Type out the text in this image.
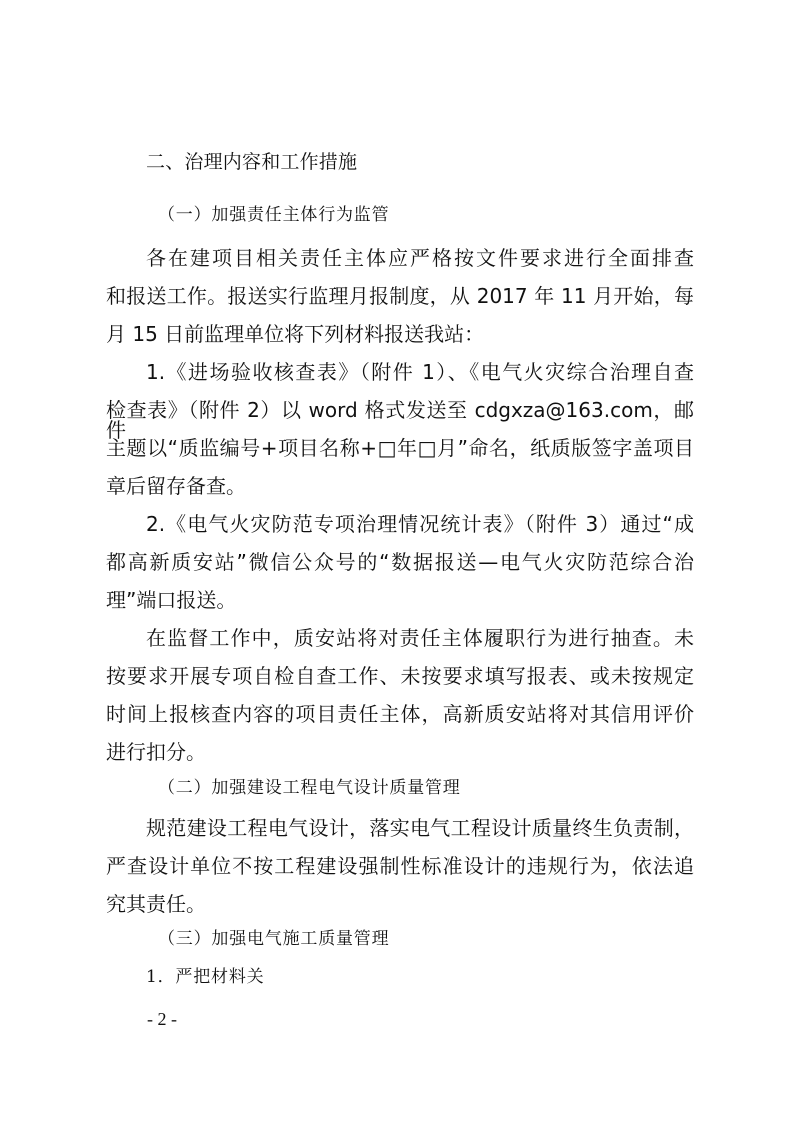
二、治理内容和工作措施
（一）加强责任主体行为监管
各在建项目相关责任主体应严格按文件要求进行全面排查
和报送工作。报送实行监理月报制度，从 2017 年 11 月开始，每
月 15 日前监理单位将下列材料报送我站：
1.《进场验收核查表》（附件 1）、《电气火灾综合治理自查
检查表》（附件 2）以 word 格式发送至 cdgxza@163.com，邮件
主题以“质监编号+项目名称+□年□月”命名，纸质版签字盖项目
章后留存备查。
2.《电气火灾防范专项治理情况统计表》（附件 3）通过“成
都高新质安站”微信公众号的“数据报送—电气火灾防范综合治
理”端口报送。
在监督工作中，质安站将对责任主体履职行为进行抽查。未
按要求开展专项自检自查工作、未按要求填写报表、或未按规定
时间上报核查内容的项目责任主体，高新质安站将对其信用评价
进行扣分。
（二）加强建设工程电气设计质量管理
规范建设工程电气设计，落实电气工程设计质量终生负责制，
严查设计单位不按工程建设强制性标准设计的违规行为，依法追
究其责任。
（三）加强电气施工质量管理
1．严把材料关
- 2 -
